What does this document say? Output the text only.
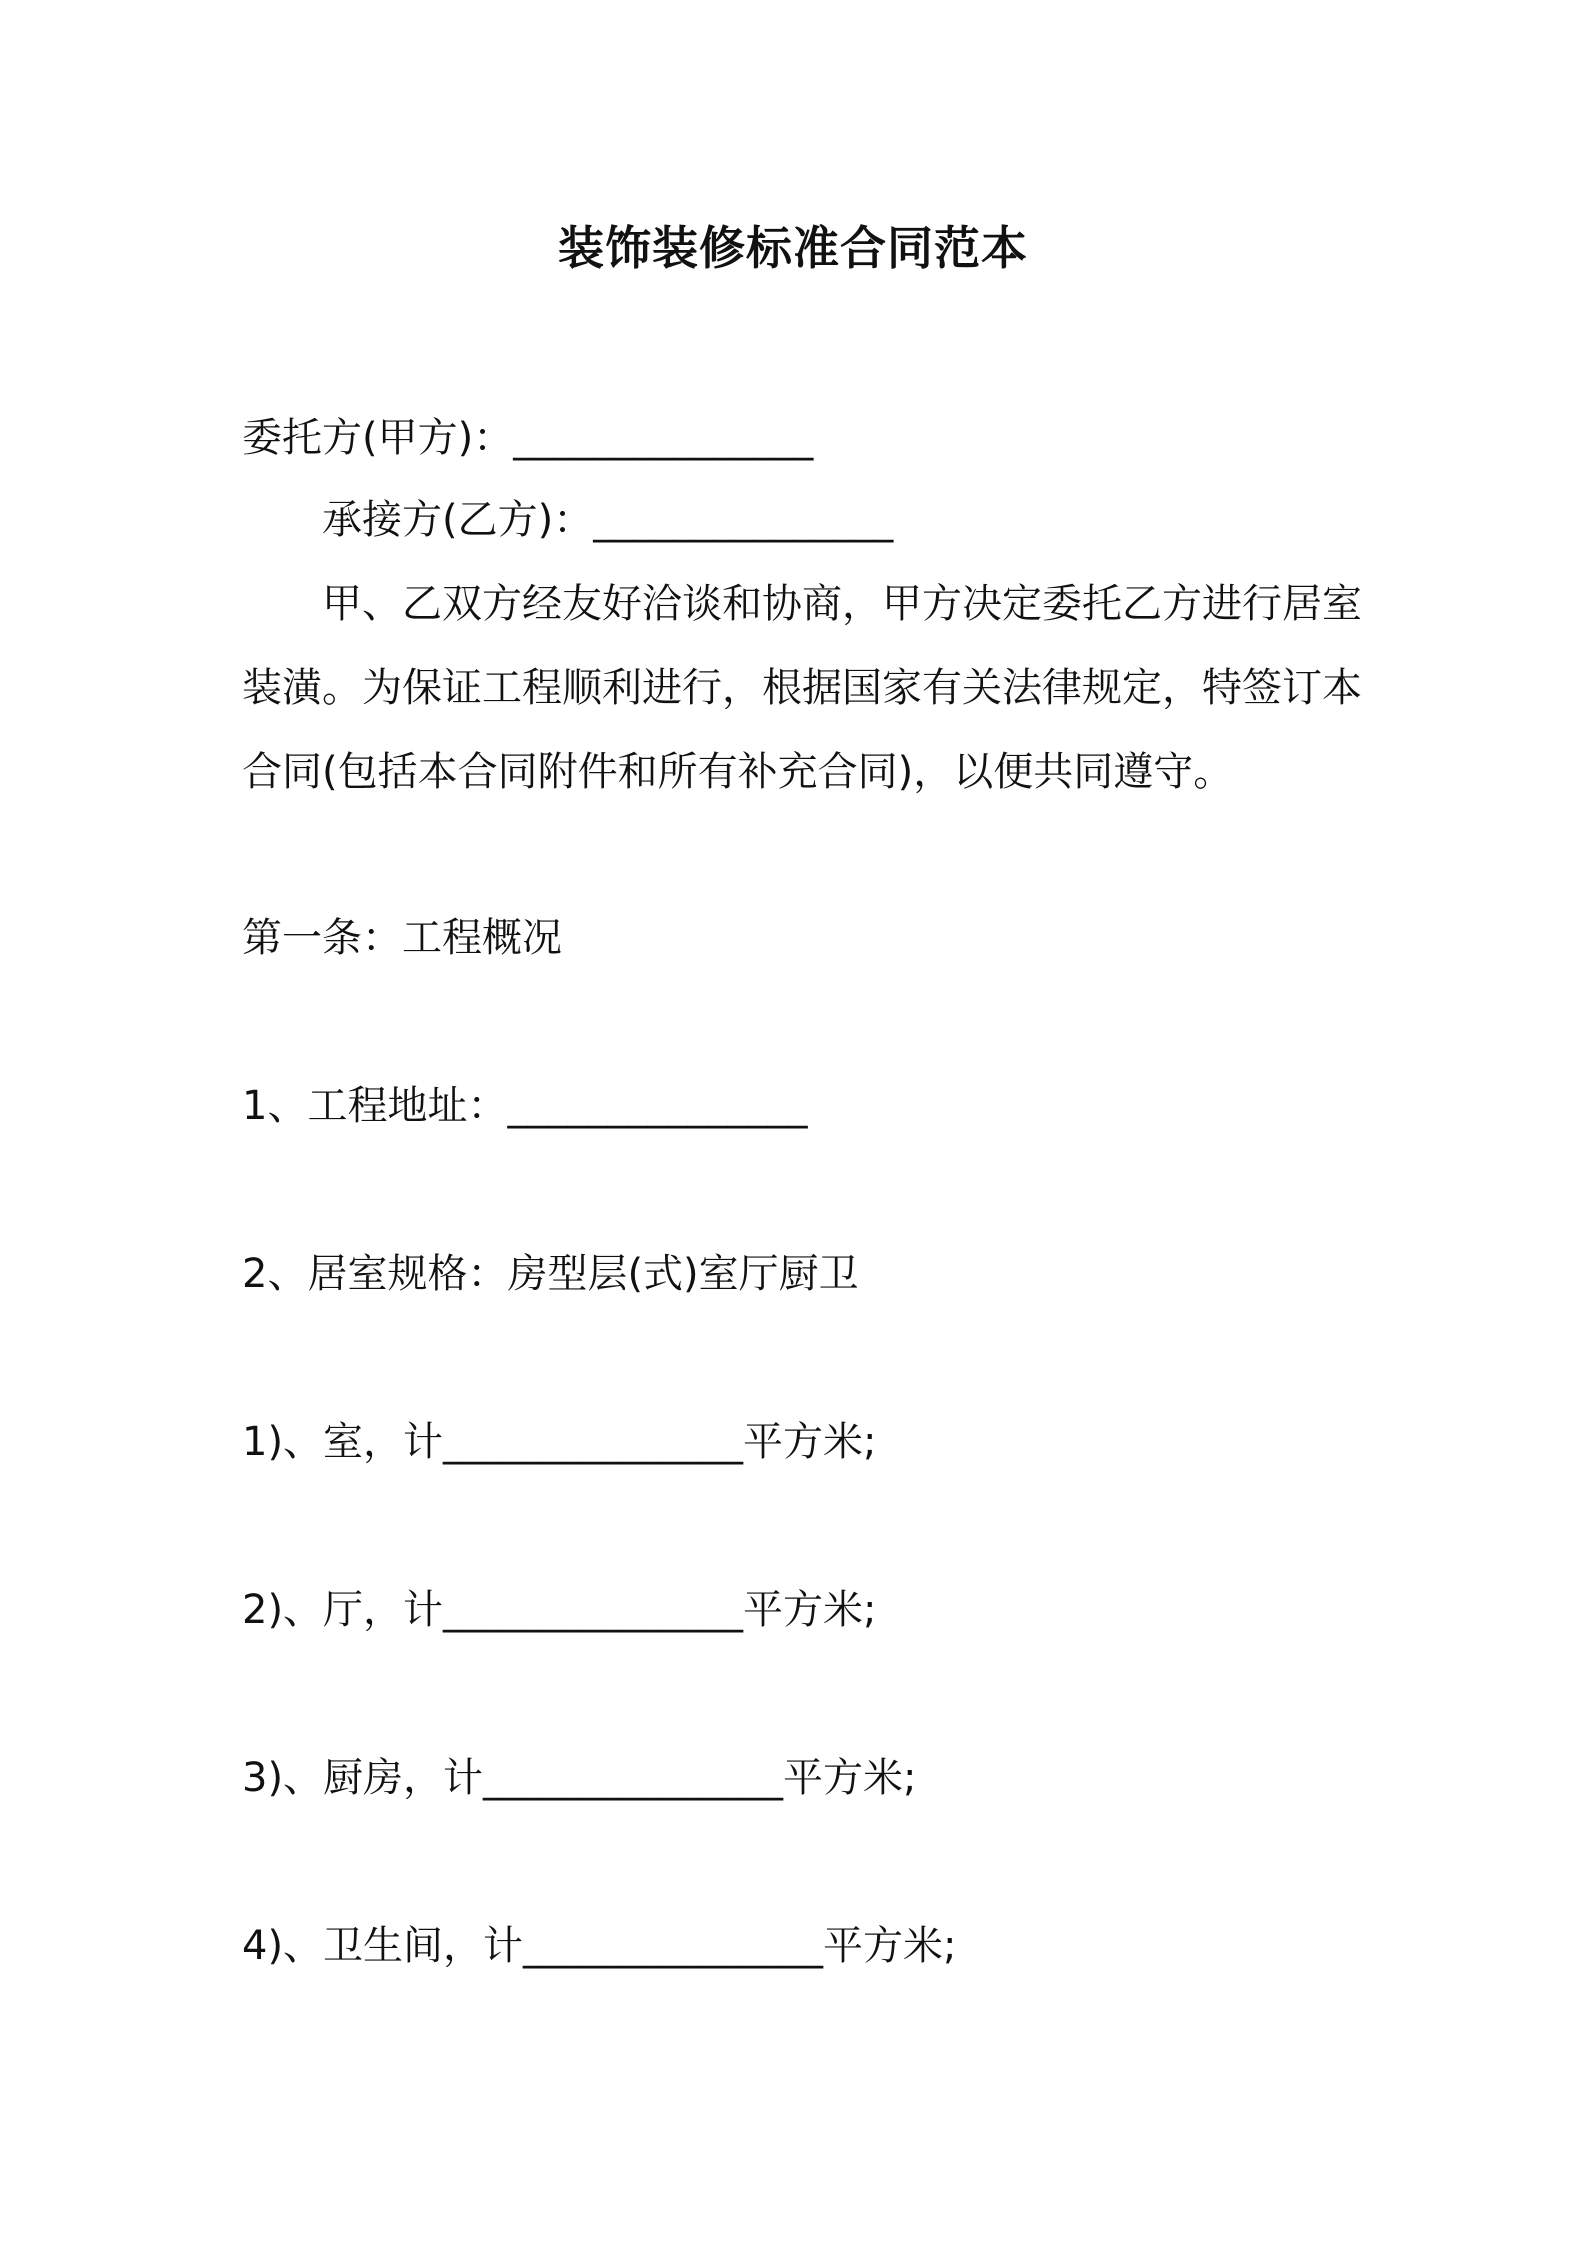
装饰装修标准合同范本
委托方(甲方)：_______________
承接方(乙方)：_______________
甲、乙双方经友好洽谈和协商，甲方决定委托乙方进行居室
装潢。为保证工程顺利进行，根据国家有关法律规定，特签订本
合同(包括本合同附件和所有补充合同)，以便共同遵守。
第一条：工程概况
1、工程地址：_______________
2、居室规格：房型层(式)室厅厨卫
1)、室，计_______________平方米;
2)、厅，计_______________平方米;
3)、厨房，计_______________平方米;
4)、卫生间，计_______________平方米;
